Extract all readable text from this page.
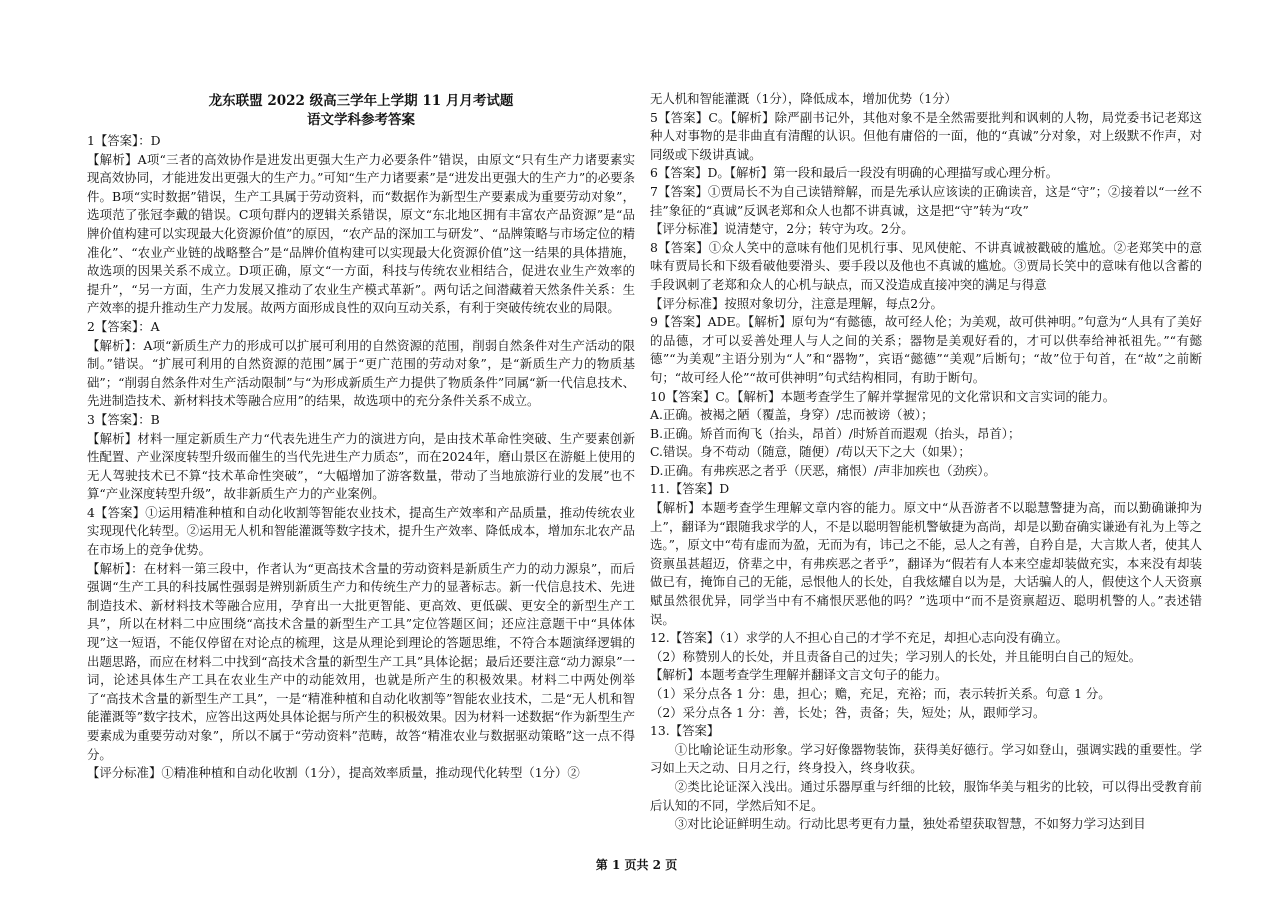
龙东联盟 2022 级高三学年上学期 11 月月考试题
语文学科参考答案

1【答案】：D

【解析】A项“三者的高效协作是进发出更强大生产力必要条件”错误，由原文“只有生产力诸要素实现高效协同，才能进发出更强大的生产力。”可知“生产力诸要素”是“进发出更强大的生产力”的必要条件。B项“实时数据”错误，生产工具属于劳动资料，而“数据作为新型生产要素成为重要劳动对象”，选项范了张冠李戴的错误。C项句群内的逻辑关系错误，原文“东北地区拥有丰富农产品资源”是“品牌价值构建可以实现最大化资源价值”的原因，“农产品的深加工与研发”、“品牌策略与市场定位的精准化”、“农业产业链的战略整合”是“品牌价值构建可以实现最大化资源价值”这一结果的具体措施，故选项的因果关系不成立。D项正确，原文“一方面，科技与传统农业相结合，促进农业生产效率的提升”，“另一方面，生产力发展又推动了农业生产模式革新”。两句话之间潜藏着天然条件关系：生产效率的提升推动生产力发展。故两方面形成良性的双向互动关系，有利于突破传统农业的局限。

2【答案】：A

【解析】：A项“新质生产力的形成可以扩展可利用的自然资源的范围，削弱自然条件对生产活动的限制。”错误。“扩展可利用的自然资源的范围”属于“更广范围的劳动对象”，是“新质生产力的物质基础”；“削弱自然条件对生产活动限制”与“为形成新质生产力提供了物质条件”同属“新一代信息技术、先进制造技术、新材料技术等融合应用”的结果，故选项中的充分条件关系不成立。

3【答案】：B

【解析】材料一厘定新质生产力“代表先进生产力的演进方向，是由技术革命性突破、生产要素创新性配置、产业深度转型升级而催生的当代先进生产力质态”，而在2024年，磨山景区在游艇上使用的无人驾驶技术已不算“技术革命性突破”，“大幅增加了游客数量，带动了当地旅游行业的发展”也不算“产业深度转型升级”，故非新质生产力的产业案例。

4【答案】①运用精准种植和自动化收割等智能农业技术，提高生产效率和产品质量，推动传统农业实现现代化转型。②运用无人机和智能灌溉等数字技术，提升生产效率、降低成本，增加东北农产品在市场上的竞争优势。

【解析】：在材料一第三段中，作者认为“更高技术含量的劳动资料是新质生产力的动力源泉”，而后强调“生产工具的科技属性强弱是辨别新质生产力和传统生产力的显著标志。新一代信息技术、先进制造技术、新材料技术等融合应用，孕育出一大批更智能、更高效、更低碳、更安全的新型生产工具”，所以在材料二中应围绕“高技术含量的新型生产工具”定位答题区间；还应注意题干中“具体体现”这一短语，不能仅停留在对论点的梳理，这是从理论到理论的答题思维，不符合本题演绎逻辑的出题思路，而应在材料二中找到“高技术含量的新型生产工具”具体论据；最后还要注意“动力源泉”一词，论述具体生产工具在农业生产中的动能效用，也就是所产生的积极效果。材料二中两处例举了“高技术含量的新型生产工具”，一是“精准种植和自动化收割等”智能农业技术，二是“无人机和智能灌溉等”数字技术，应答出这两处具体论据与所产生的积极效果。因为材料一述数据“作为新型生产要素成为重要劳动对象”，所以不属于“劳动资料”范畴，故答“精准农业与数据驱动策略”这一点不得分。

【评分标准】①精准种植和自动化收割（1分），提高效率质量，推动现代化转型（1分）②

无人机和智能灌溉（1分），降低成本，增加优势（1分）

5【答案】C。【解析】除严副书记外，其他对象不是全然需要批判和讽刺的人物，局党委书记老郑这种人对事物的是非曲直有清醒的认识。但他有庸俗的一面，他的“真诚”分对象，对上级默不作声，对同级或下级讲真诚。

6【答案】D。【解析】第一段和最后一段没有明确的心理描写或心理分析。

7【答案】①贾局长不为自己读错辩解，而是先承认应该读的正确读音，这是“守”；②接着以“一丝不挂”象征的“真诚”反讽老郑和众人也都不讲真诚，这是把“守”转为“攻”

【评分标准】说清楚守，2分；转守为攻。2分。

8【答案】①众人笑中的意味有他们见机行事、见风使舵、不讲真诚被戳破的尴尬。②老郑笑中的意味有贾局长和下级看破他要滑头、要手段以及他也不真诚的尴尬。③贾局长笑中的意味有他以含蓄的手段讽刺了老郑和众人的心机与缺点，而又没造成直接冲突的满足与得意

【评分标准】按照对象切分，注意是理解，每点2分。

9【答案】ADE。【解析】原句为“有懿德，故可经人伦；为美观，故可供神明。”句意为“人具有了美好的品德，才可以妥善处理人与人之间的关系；器物是美观好看的，才可以供奉给神祇祖先。”“有懿德”“为美观”主语分别为“人”和“器物”，宾语“懿德”“美观”后断句；“故”位于句首，在“故”之前断句；“故可经人伦”“故可供神明”句式结构相同，有助于断句。

10【答案】C。【解析】本题考查学生了解并掌握常见的文化常识和文言实词的能力。

A.正确。被褐之陋（覆盖，身穿）/忠而被谤（被）；

B.正确。矫首而徇飞（抬头，昂首）/时矫首而遐观（抬头，昂首）；

C.错误。身不苟动（随意，随便）/苟以天下之大（如果）；

D.正确。有弗疾恶之者乎（厌恶，痛恨）/声非加疾也（劲疾）。

11.【答案】D

【解析】本题考查学生理解文章内容的能力。原文中“从吾游者不以聪慧警捷为高，而以勤确谦抑为上”，翻译为“跟随我求学的人，不是以聪明智能机警敏捷为高尚，却是以勤奋确实谦逊有礼为上等之选。”，原文中“苟有虚而为盈，无而为有，讳己之不能，忌人之有善，自矜自是，大言欺人者，使其人资禀虽甚超迈，侪辈之中，有弗疾恶之者乎”，翻译为“假若有人本来空虚却装做充实，本来没有却装做已有，掩饰自己的无能，忌恨他人的长处，自我炫耀自以为是，大话骗人的人，假使这个人天资禀赋虽然很优异，同学当中有不痛恨厌恶他的吗？”选项中“而不是资禀超迈、聪明机警的人。”表述错误。

12.【答案】（1）求学的人不担心自己的才学不充足，却担心志向没有确立。

（2）称赞别人的长处，并且责备自己的过失；学习别人的长处，并且能明白自己的短处。

【解析】本题考查学生理解并翻译文言文句子的能力。

（1）采分点各 1 分：患，担心；赡，充足，充裕；而，表示转折关系。句意 1 分。

（2）采分点各 1 分：善，长处；咎，责备；失，短处；从，跟师学习。

13.【答案】

①比喻论证生动形象。学习好像器物装饰，获得美好德行。学习如登山，强调实践的重要性。学习如上天之动、日月之行，终身投入，终身收获。

②类比论证深入浅出。通过乐器厚重与纤细的比较，服饰华美与粗劣的比较，可以得出受教育前后认知的不同，学然后知不足。

③对比论证鲜明生动。行动比思考更有力量，独处希望获取智慧，不如努力学习达到目

第 1 页共 2 页
